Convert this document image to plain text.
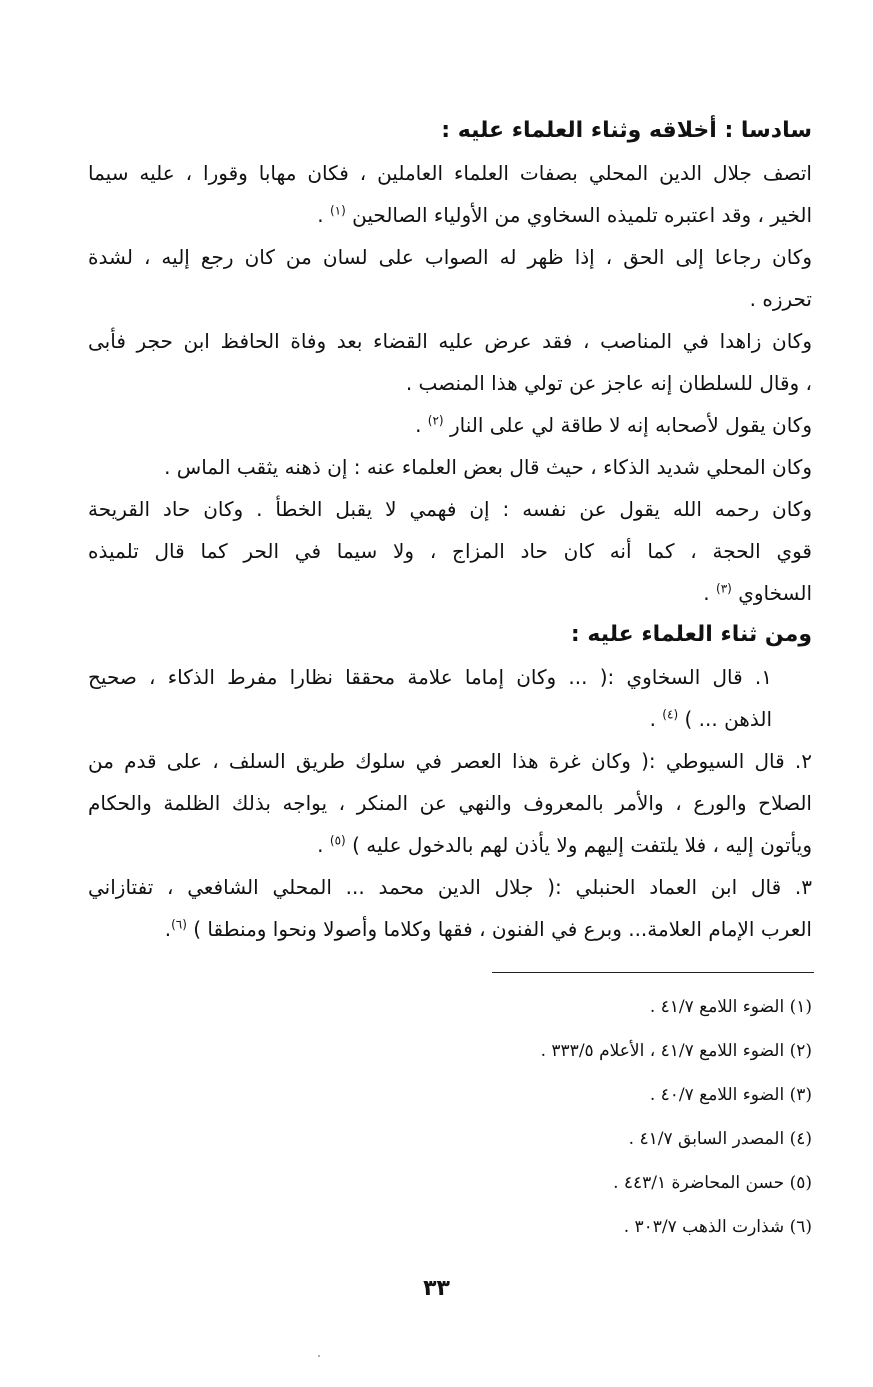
سادسا : أخلاقه وثناء العلماء عليه :
اتصف جلال الدين المحلي بصفات العلماء العاملين ، فكان مهابا وقورا ، عليه سيما
الخير ، وقد اعتبره تلميذه السخاوي من الأولياء الصالحين $^{(١)}$ .
وكان رجاعا إلى الحق ، إذا ظهر له الصواب على لسان من كان رجع إليه ، لشدة
تحرزه .
وكان زاهدا في المناصب ، فقد عرض عليه القضاء بعد وفاة الحافظ ابن حجر فأبى
، وقال للسلطان إنه عاجز عن تولي هذا المنصب .
وكان يقول لأصحابه إنه لا طاقة لي على النار $^{(٢)}$ .
وكان المحلي شديد الذكاء ، حيث قال بعض العلماء عنه : إن ذهنه يثقب الماس .
وكان رحمه الله يقول عن نفسه : إن فهمي لا يقبل الخطأ . وكان حاد القريحة
قوي الحجة ، كما أنه كان حاد المزاج ، ولا سيما في الحر كما قال تلميذه
السخاوي $^{(٣)}$ .
ومن ثناء العلماء عليه :
١. قال السخاوي :( ... وكان إماما علامة محققا نظارا مفرط الذكاء ، صحيح
الذهن ... ) $^{(٤)}$ .
٢. قال السيوطي :( وكان غرة هذا العصر في سلوك طريق السلف ، على قدم من
الصلاح والورع ، والأمر بالمعروف والنهي عن المنكر ، يواجه بذلك الظلمة والحكام
ويأتون إليه ، فلا يلتفت إليهم ولا يأذن لهم بالدخول عليه ) $^{(٥)}$ .
٣. قال ابن العماد الحنبلي :( جلال الدين محمد ... المحلي الشافعي ، تفتازاني
العرب الإمام العلامة... وبرع في الفنون ، فقها وكلاما وأصولا ونحوا ومنطقا ) $^{(٦)}$.
(١) الضوء اللامع ٤١/٧ .
(٢) الضوء اللامع ٤١/٧ ، الأعلام ٣٣٣/٥ .
(٣) الضوء اللامع ٤٠/٧ .
(٤) المصدر السابق ٤١/٧ .
(٥) حسن المحاضرة ٤٤٣/١ .
(٦) شذارت الذهب ٣٠٣/٧ .
٣٣
